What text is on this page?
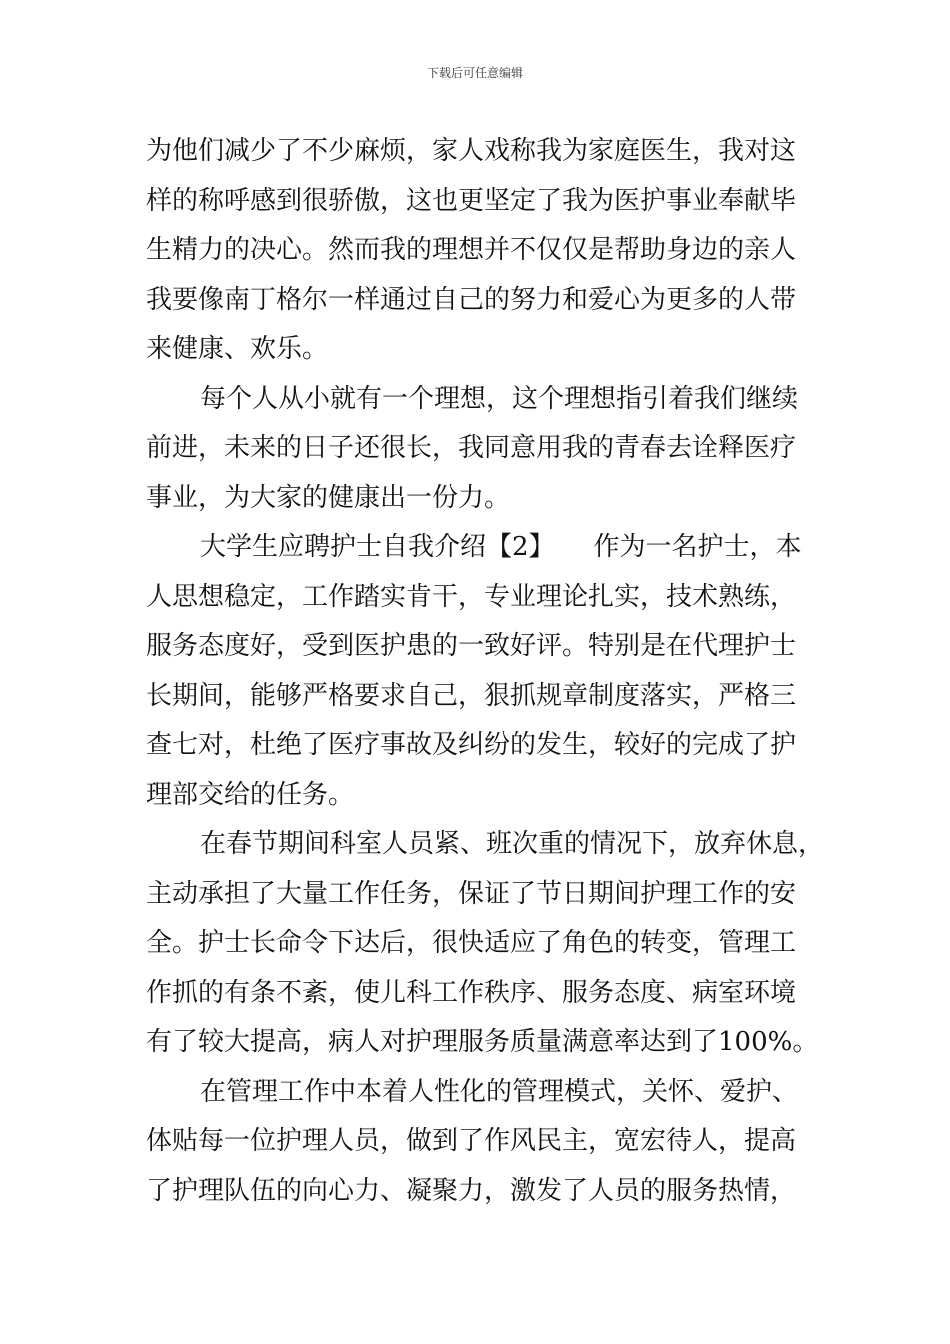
下载后可任意编辑
为他们减少了不少麻烦，家人戏称我为家庭医生，我对这
样的称呼感到很骄傲，这也更坚定了我为医护事业奉献毕
生精力的决心。然而我的理想并不仅仅是帮助身边的亲人
我要像南丁格尔一样通过自己的努力和爱心为更多的人带
来健康、欢乐。
每个人从小就有一个理想，这个理想指引着我们继续
前进，未来的日子还很长，我同意用我的青春去诠释医疗
事业，为大家的健康出一份力。
大学生应聘护士自我介绍【2】　　作为一名护士，本
人思想稳定，工作踏实肯干，专业理论扎实，技术熟练，
服务态度好，受到医护患的一致好评。特别是在代理护士
长期间，能够严格要求自己，狠抓规章制度落实，严格三
查七对，杜绝了医疗事故及纠纷的发生，较好的完成了护
理部交给的任务。
在春节期间科室人员紧、班次重的情况下，放弃休息，
主动承担了大量工作任务，保证了节日期间护理工作的安
全。护士长命令下达后，很快适应了角色的转变，管理工
作抓的有条不紊，使儿科工作秩序、服务态度、病室环境
有了较大提高，病人对护理服务质量满意率达到了100%。
在管理工作中本着人性化的管理模式，关怀、爱护、
体贴每一位护理人员，做到了作风民主，宽宏待人，提高
了护理队伍的向心力、凝聚力，激发了人员的服务热情，
